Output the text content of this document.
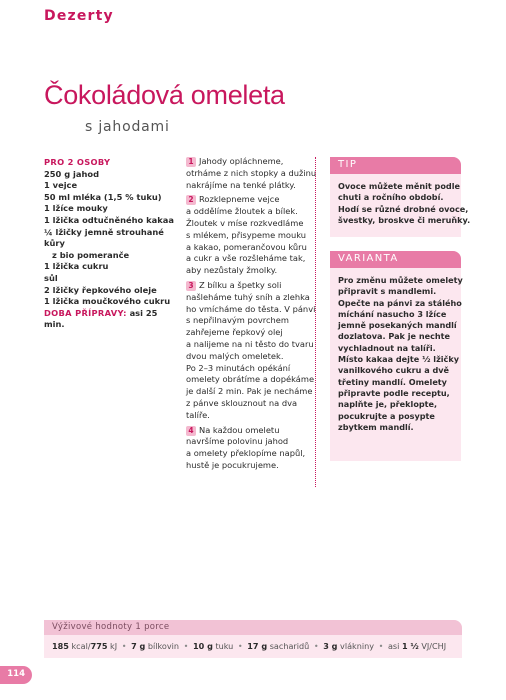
Dezerty
Čokoládová omeleta
s jahodami
PRO 2 OSOBY
250 g jahod
1 vejce
50 ml mléka (1,5 % tuku)
1 lžíce mouky
1 lžička odtučněného kakaa
¼ lžičky jemně strouhané kůry
z bio pomeranče
1 lžička cukru
sůl
2 lžičky řepkového oleje
1 lžička moučkového cukru
DOBA PŘÍPRAVY: asi 25 min.
1 Jahody opláchneme,
otrháme z nich stopky a dužinu
nakrájíme na tenké plátky.
2 Rozklepneme vejce
a oddělíme žloutek a bílek.
Žloutek v míse rozkvedláme
s mlékem, přisypeme mouku
a kakao, pomerančovou kůru
a cukr a vše rozšleháme tak,
aby nezůstaly žmolky.
3 Z bílku a špetky soli
našleháme tuhý sníh a zlehka
ho vmícháme do těsta. V pánvi
s nepřilnavým povrchem
zahřejeme řepkový olej
a nalijeme na ni těsto do tvaru
dvou malých omeletek.
Po 2–3 minutách opékání
omelety obrátíme a dopékáme
je další 2 min. Pak je necháme
z pánve sklouznout na dva
talíře.
4 Na každou omeletu
navršíme polovinu jahod
a omelety překlopíme napůl,
hustě je pocukrujeme.
TIP
Ovoce můžete měnit podle
chuti a ročního období.
Hodí se různé drobné ovoce,
švestky, broskve či meruňky.
VARIANTA
Pro změnu můžete omelety
připravit s mandlemi.
Opečte na pánvi za stálého
míchání nasucho 3 lžíce
jemně posekaných mandlí
dozlatova. Pak je nechte
vychladnout na talíři.
Místo kakaa dejte ½ lžičky
vanilkového cukru a dvě
třetiny mandlí. Omelety
připravte podle receptu,
naplňte je, překlopte,
pocukrujte a posypte
zbytkem mandlí.
Výživové hodnoty 1 porce
185 kcal/775 kJ • 7 g bílkovin • 10 g tuku • 17 g sacharidů • 3 g vlákniny • asi 1 ½ VJ/CHJ
114
